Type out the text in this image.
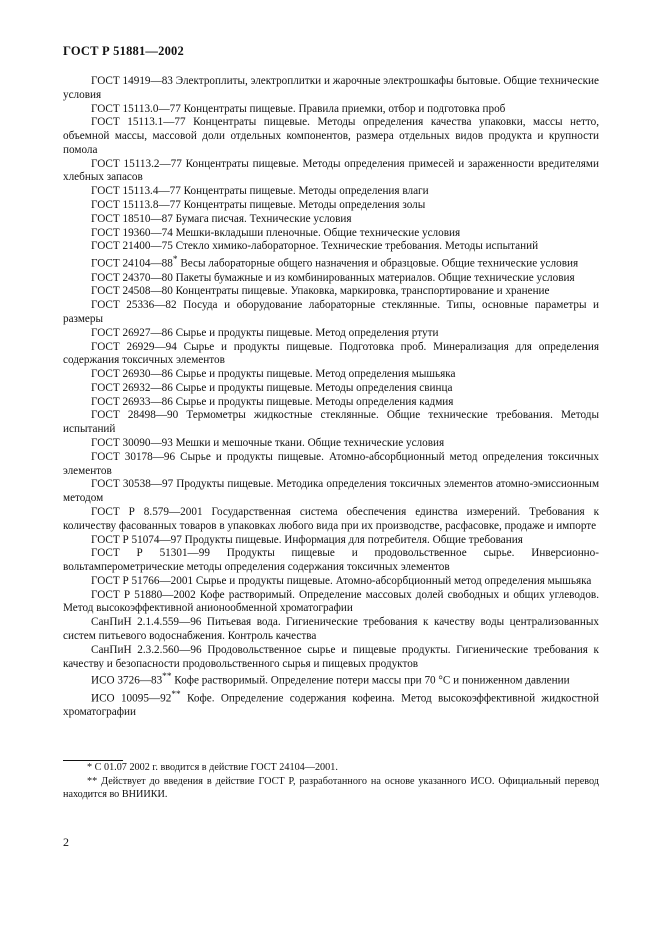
ГОСТ Р 51881—2002

ГОСТ 14919—83 Электроплиты, электроплитки и жарочные электрошкафы бытовые. Общие технические условия

ГОСТ 15113.0—77 Концентраты пищевые. Правила приемки, отбор и подготовка проб

ГОСТ 15113.1—77 Концентраты пищевые. Методы определения качества упаковки, массы нетто, объемной массы, массовой доли отдельных компонентов, размера отдельных видов продукта и крупности помола

ГОСТ 15113.2—77 Концентраты пищевые. Методы определения примесей и зараженности вредителями хлебных запасов

ГОСТ 15113.4—77 Концентраты пищевые. Методы определения влаги

ГОСТ 15113.8—77 Концентраты пищевые. Методы определения золы

ГОСТ 18510—87 Бумага писчая. Технические условия

ГОСТ 19360—74 Мешки-вкладыши пленочные. Общие технические условия

ГОСТ 21400—75 Стекло химико-лабораторное. Технические требования. Методы испытаний

ГОСТ 24104—88* Весы лабораторные общего назначения и образцовые. Общие технические условия

ГОСТ 24370—80 Пакеты бумажные и из комбинированных материалов. Общие технические условия

ГОСТ 24508—80 Концентраты пищевые. Упаковка, маркировка, транспортирование и хранение

ГОСТ 25336—82 Посуда и оборудование лабораторные стеклянные. Типы, основные параметры и размеры

ГОСТ 26927—86 Сырье и продукты пищевые. Метод определения ртути

ГОСТ 26929—94 Сырье и продукты пищевые. Подготовка проб. Минерализация для определения содержания токсичных элементов

ГОСТ 26930—86 Сырье и продукты пищевые. Метод определения мышьяка

ГОСТ 26932—86 Сырье и продукты пищевые. Методы определения свинца

ГОСТ 26933—86 Сырье и продукты пищевые. Методы определения кадмия

ГОСТ 28498—90 Термометры жидкостные стеклянные. Общие технические требования. Методы испытаний

ГОСТ 30090—93 Мешки и мешочные ткани. Общие технические условия

ГОСТ 30178—96 Сырье и продукты пищевые. Атомно-абсорбционный метод определения токсичных элементов

ГОСТ 30538—97 Продукты пищевые. Методика определения токсичных элементов атомно-эмиссионным методом

ГОСТ Р 8.579—2001 Государственная система обеспечения единства измерений. Требования к количеству фасованных товаров в упаковках любого вида при их производстве, расфасовке, продаже и импорте

ГОСТ Р 51074—97 Продукты пищевые. Информация для потребителя. Общие требования

ГОСТ Р 51301—99 Продукты пищевые и продовольственное сырье. Инверсионно-вольтамперометрические методы определения содержания токсичных элементов

ГОСТ Р 51766—2001 Сырье и продукты пищевые. Атомно-абсорбционный метод определения мышьяка

ГОСТ Р 51880—2002 Кофе растворимый. Определение массовых долей свободных и общих углеводов. Метод высокоэффективной анионообменной хроматографии

СанПиН 2.1.4.559—96 Питьевая вода. Гигиенические требования к качеству воды централизованных систем питьевого водоснабжения. Контроль качества

СанПиН 2.3.2.560—96 Продовольственное сырье и пищевые продукты. Гигиенические требования к качеству и безопасности продовольственного сырья и пищевых продуктов

ИСО 3726—83** Кофе растворимый. Определение потери массы при 70 °С и пониженном давлении

ИСО 10095—92** Кофе. Определение содержания кофеина. Метод высокоэффективной жидкостной хроматографии

* С 01.07 2002 г. вводится в действие ГОСТ 24104—2001.
** Действует до введения в действие ГОСТ Р, разработанного на основе указанного ИСО. Официальный перевод находится во ВНИИКИ.
2
